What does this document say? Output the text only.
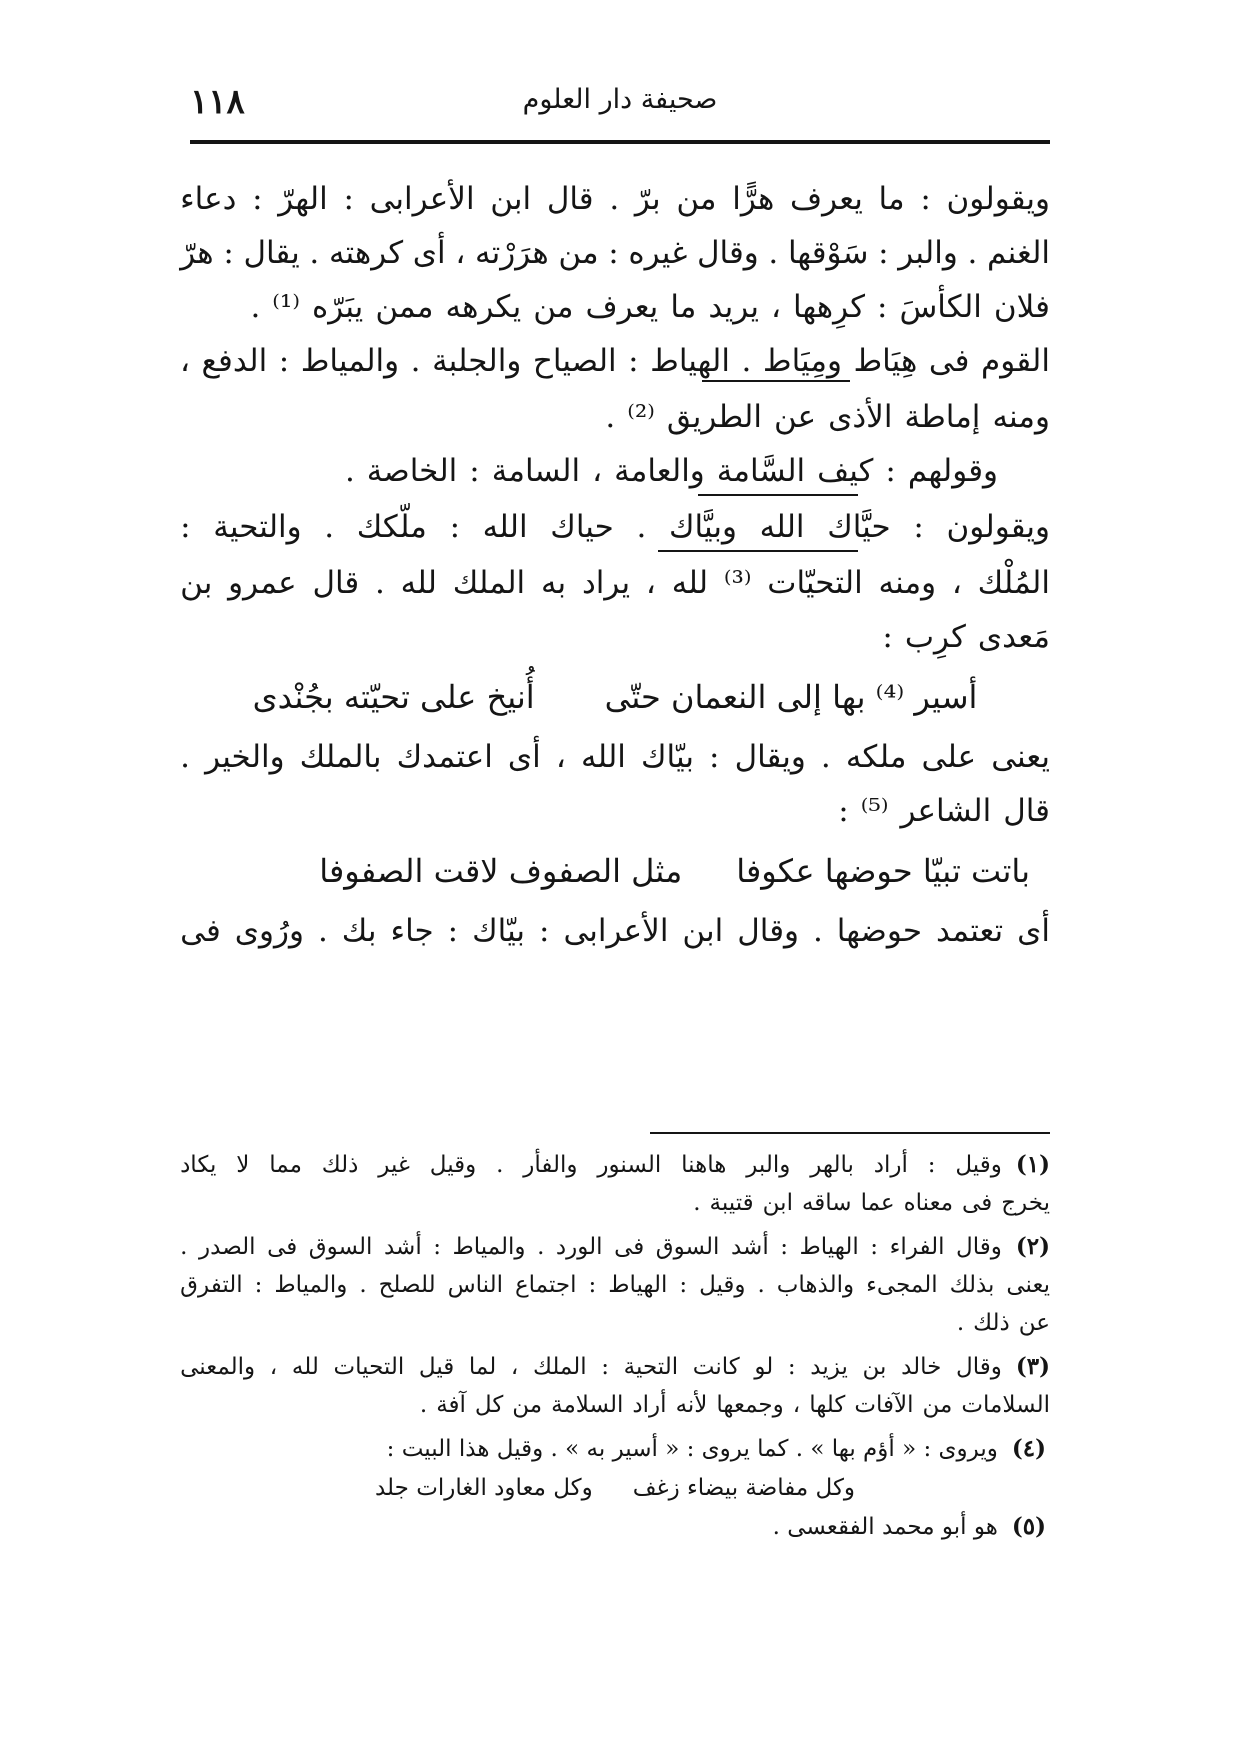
١١٨	صحيفة دار العلوم
ويقولون
:
ما
يعرف
هرًّا
من
برّ
.
قال
ابن
الأعرابى
:
الهرّ
:
دعاء
الغنم
.
والبر
:
سَوْقها
.
وقال
غيره
:
من
هرَرْته
،
أى
كرهته
.
يقال
:
هرّ
فلان
الكأسَ
:
كرِهها
،
يريد
ما
يعرف
من
يكرهه
ممن
يبَرّه
⁽¹⁾
.
القوم
فى
هِيَاط
ومِيَاط
.
الهياط
:
الصياح
والجلبة
.
والمياط
:
الدفع
،
ومنه
إماطة
الأذى
عن
الطريق
⁽²⁾
.
وقولهم
:
كيف
السَّامة
والعامة
،
السامة
:
الخاصة
.
ويقولون
:
حيَّاك
الله
وبيَّاك
.
حياك
الله
:
ملّكك
.
والتحية
:
المُلْك
،
ومنه
التحيّات
⁽³⁾
لله
،
يراد
به
الملك
لله
.
قال
عمرو
بن
مَعدى
كرِب
:
أسير ⁽⁴⁾ بها إلى النعمان حتّى
أُنيخ على تحيّته بجُنْدى
يعنى
على
ملكه
.
ويقال
:
بيّاك
الله
،
أى
اعتمدك
بالملك
والخير
.
قال
الشاعر
⁽⁵⁾
:
باتت تبيّا حوضها عكوفا
مثل الصفوف لاقت الصفوفا
أى
تعتمد
حوضها
.
وقال
ابن
الأعرابى
:
بيّاك
:
جاء
بك
.
ورُوى
فى
(١)
وقيل
:
أراد
بالهر
والبر
هاهنا
السنور
والفأر
.
وقيل
غير
ذلك
مما
لا
يكاد
يخرج
فى
معناه
عما
ساقه
ابن
قتيبة
.
(٢)
وقال
الفراء
:
الهياط
:
أشد
السوق
فى
الورد
.
والمياط
:
أشد
السوق
فى
الصدر
.
يعنى
بذلك
المجىء
والذهاب
.
وقيل
:
الهياط
:
اجتماع
الناس
للصلح
.
والمياط
:
التفرق
عن
ذلك
.
(٣)
وقال
خالد
بن
يزيد
:
لو
كانت
التحية
:
الملك
،
لما
قيل
التحيات
لله
،
والمعنى
السلامات
من
الآفات
كلها
،
وجمعها
لأنه
أراد
السلامة
من
كل
آفة
.
(٤)
ويروى : « أؤم بها » . كما يروى : « أسير به » . وقيل هذا البيت :
وكل مفاضة بيضاء زغف
وكل معاود الغارات جلد
(٥)
هو أبو محمد الفقعسى .
